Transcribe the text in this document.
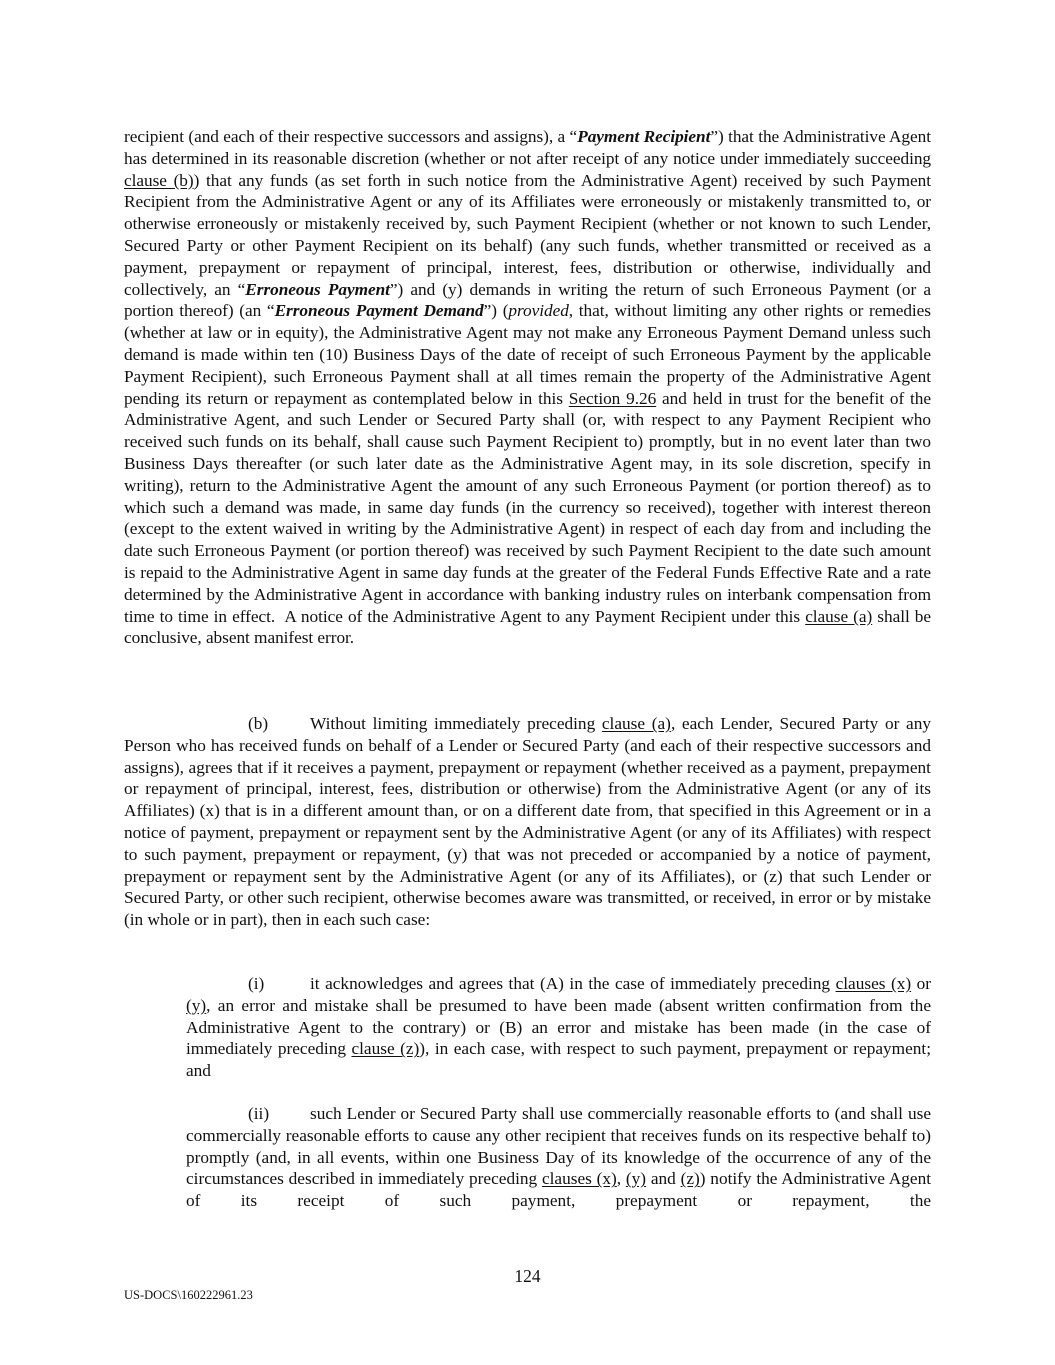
recipient (and each of their respective successors and assigns), a “Payment Recipient”) that the Administrative Agent has determined in its reasonable discretion (whether or not after receipt of any notice under immediately succeeding clause (b)) that any funds (as set forth in such notice from the Administrative Agent) received by such Payment Recipient from the Administrative Agent or any of its Affiliates were erroneously or mistakenly transmitted to, or otherwise erroneously or mistakenly received by, such Payment Recipient (whether or not known to such Lender, Secured Party or other Payment Recipient on its behalf) (any such funds, whether transmitted or received as a payment, prepayment or repayment of principal, interest, fees, distribution or otherwise, individually and collectively, an “Erroneous Payment”) and (y) demands in writing the return of such Erroneous Payment (or a portion thereof) (an “Erroneous Payment Demand”) (provided, that, without limiting any other rights or remedies (whether at law or in equity), the Administrative Agent may not make any Erroneous Payment Demand unless such demand is made within ten (10) Business Days of the date of receipt of such Erroneous Payment by the applicable Payment Recipient), such Erroneous Payment shall at all times remain the property of the Administrative Agent pending its return or repayment as contemplated below in this Section 9.26 and held in trust for the benefit of the Administrative Agent, and such Lender or Secured Party shall (or, with respect to any Payment Recipient who received such funds on its behalf, shall cause such Payment Recipient to) promptly, but in no event later than two Business Days thereafter (or such later date as the Administrative Agent may, in its sole discretion, specify in writing), return to the Administrative Agent the amount of any such Erroneous Payment (or portion thereof) as to which such a demand was made, in same day funds (in the currency so received), together with interest thereon (except to the extent waived in writing by the Administrative Agent) in respect of each day from and including the date such Erroneous Payment (or portion thereof) was received by such Payment Recipient to the date such amount is repaid to the Administrative Agent in same day funds at the greater of the Federal Funds Effective Rate and a rate determined by the Administrative Agent in accordance with banking industry rules on interbank compensation from time to time in effect.  A notice of the Administrative Agent to any Payment Recipient under this clause (a) shall be conclusive, absent manifest error.

(b) Without limiting immediately preceding clause (a), each Lender, Secured Party or any Person who has received funds on behalf of a Lender or Secured Party (and each of their respective successors and assigns), agrees that if it receives a payment, prepayment or repayment (whether received as a payment, prepayment or repayment of principal, interest, fees, distribution or otherwise) from the Administrative Agent (or any of its Affiliates) (x) that is in a different amount than, or on a different date from, that specified in this Agreement or in a notice of payment, prepayment or repayment sent by the Administrative Agent (or any of its Affiliates) with respect to such payment, prepayment or repayment, (y) that was not preceded or accompanied by a notice of payment, prepayment or repayment sent by the Administrative Agent (or any of its Affiliates), or (z) that such Lender or Secured Party, or other such recipient, otherwise becomes aware was transmitted, or received, in error or by mistake (in whole or in part), then in each such case:

(i)	it acknowledges and agrees that (A) in the case of immediately preceding clauses (x) or (y), an error and mistake shall be presumed to have been made (absent written confirmation from the Administrative Agent to the contrary) or (B) an error and mistake has been made (in the case of immediately preceding clause (z)), in each case, with respect to such payment, prepayment or repayment; and

(ii) such Lender or Secured Party shall use commercially reasonable efforts to (and shall use commercially reasonable efforts to cause any other recipient that receives funds on its respective behalf to) promptly (and, in all events, within one Business Day of its knowledge of the occurrence of any of the circumstances described in immediately preceding clauses (x), (y) and (z)) notify the Administrative Agent of its receipt of such payment, prepayment or repayment, the

124
US-DOCS\160222961.23
